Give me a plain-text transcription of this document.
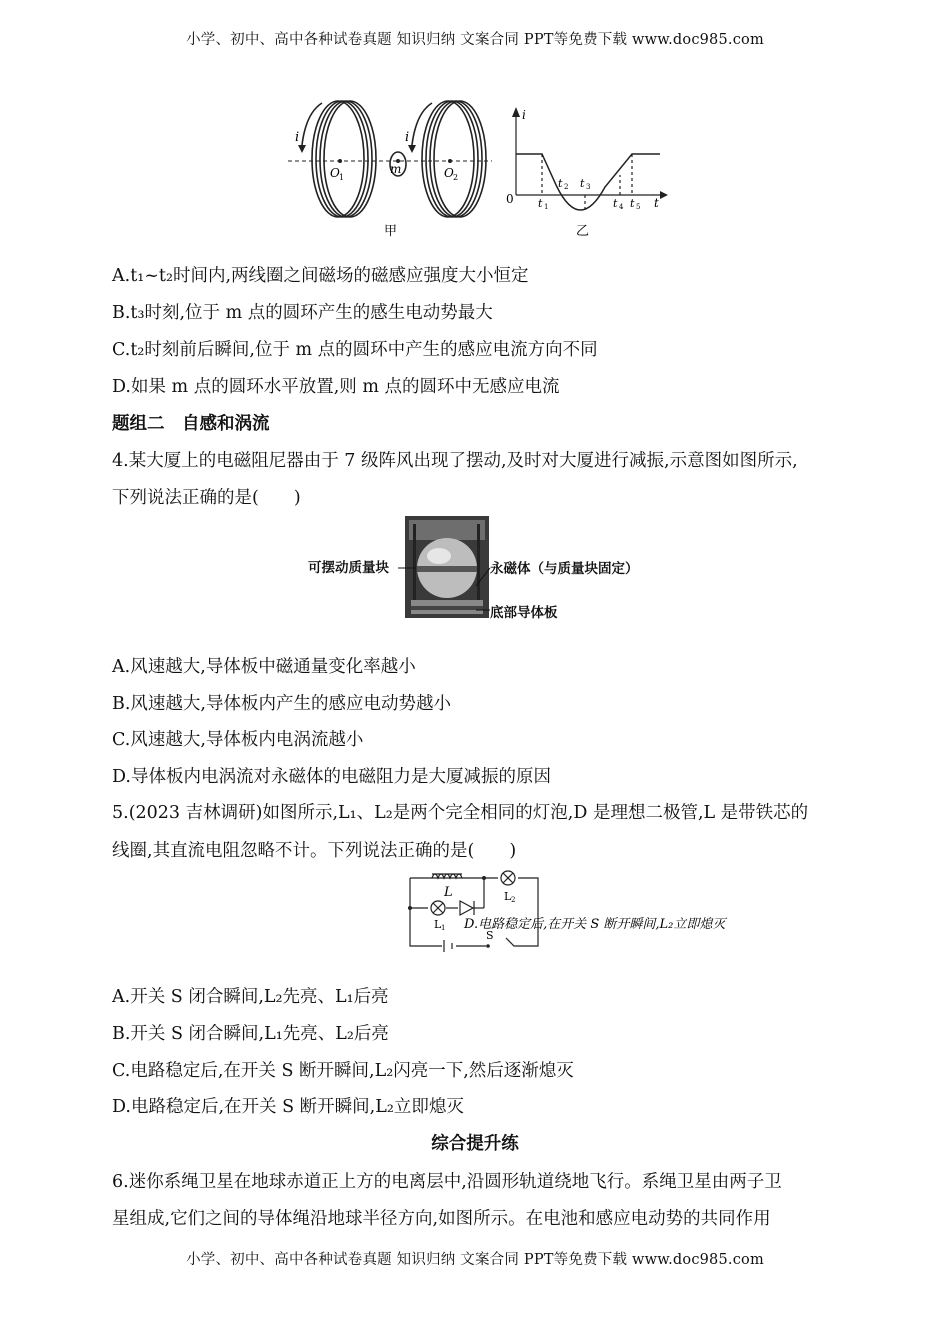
小学、初中、高中各种试卷真题 知识归纳 文案合同 PPT等免费下载 www.doc985.com
i	i
O 1
m	O 2
甲
i
0	t
t 1
t 2 t 3
t 4 t 5
乙
A.t₁~t₂时间内,两线圈之间磁场的磁感应强度大小恒定
B.t₃时刻,位于 m 点的圆环产生的感生电动势最大
C.t₂时刻前后瞬间,位于 m 点的圆环中产生的感应电流方向不同
D.如果 m 点的圆环水平放置,则 m 点的圆环中无感应电流
题组二　自感和涡流
4.某大厦上的电磁阻尼器由于 7 级阵风出现了摆动,及时对大厦进行减振,示意图如图所示,
下列说法正确的是(　　)
可摆动质量块	永磁体（与质量块固定）
底部导体板
A.风速越大,导体板中磁通量变化率越小
B.风速越大,导体板内产生的感应电动势越小
C.风速越大,导体板内电涡流越小
D.导体板内电涡流对永磁体的电磁阻力是大厦减振的原因
5.(2023 吉林调研)如图所示,L₁、L₂是两个完全相同的灯泡,D 是理想二极管,L 是带铁芯的
线圈,其直流电阻忽略不计。下列说法正确的是(　　)
L	L 2
L 1 D.电路稳定后,在开关 S 断开瞬间,L₂立即熄灭
S
A.开关 S 闭合瞬间,L₂先亮、L₁后亮
B.开关 S 闭合瞬间,L₁先亮、L₂后亮
C.电路稳定后,在开关 S 断开瞬间,L₂闪亮一下,然后逐渐熄灭
D.电路稳定后,在开关 S 断开瞬间,L₂立即熄灭
综合提升练
6.迷你系绳卫星在地球赤道正上方的电离层中,沿圆形轨道绕地飞行。系绳卫星由两子卫
星组成,它们之间的导体绳沿地球半径方向,如图所示。在电池和感应电动势的共同作用
小学、初中、高中各种试卷真题 知识归纳 文案合同 PPT等免费下载 www.doc985.com
